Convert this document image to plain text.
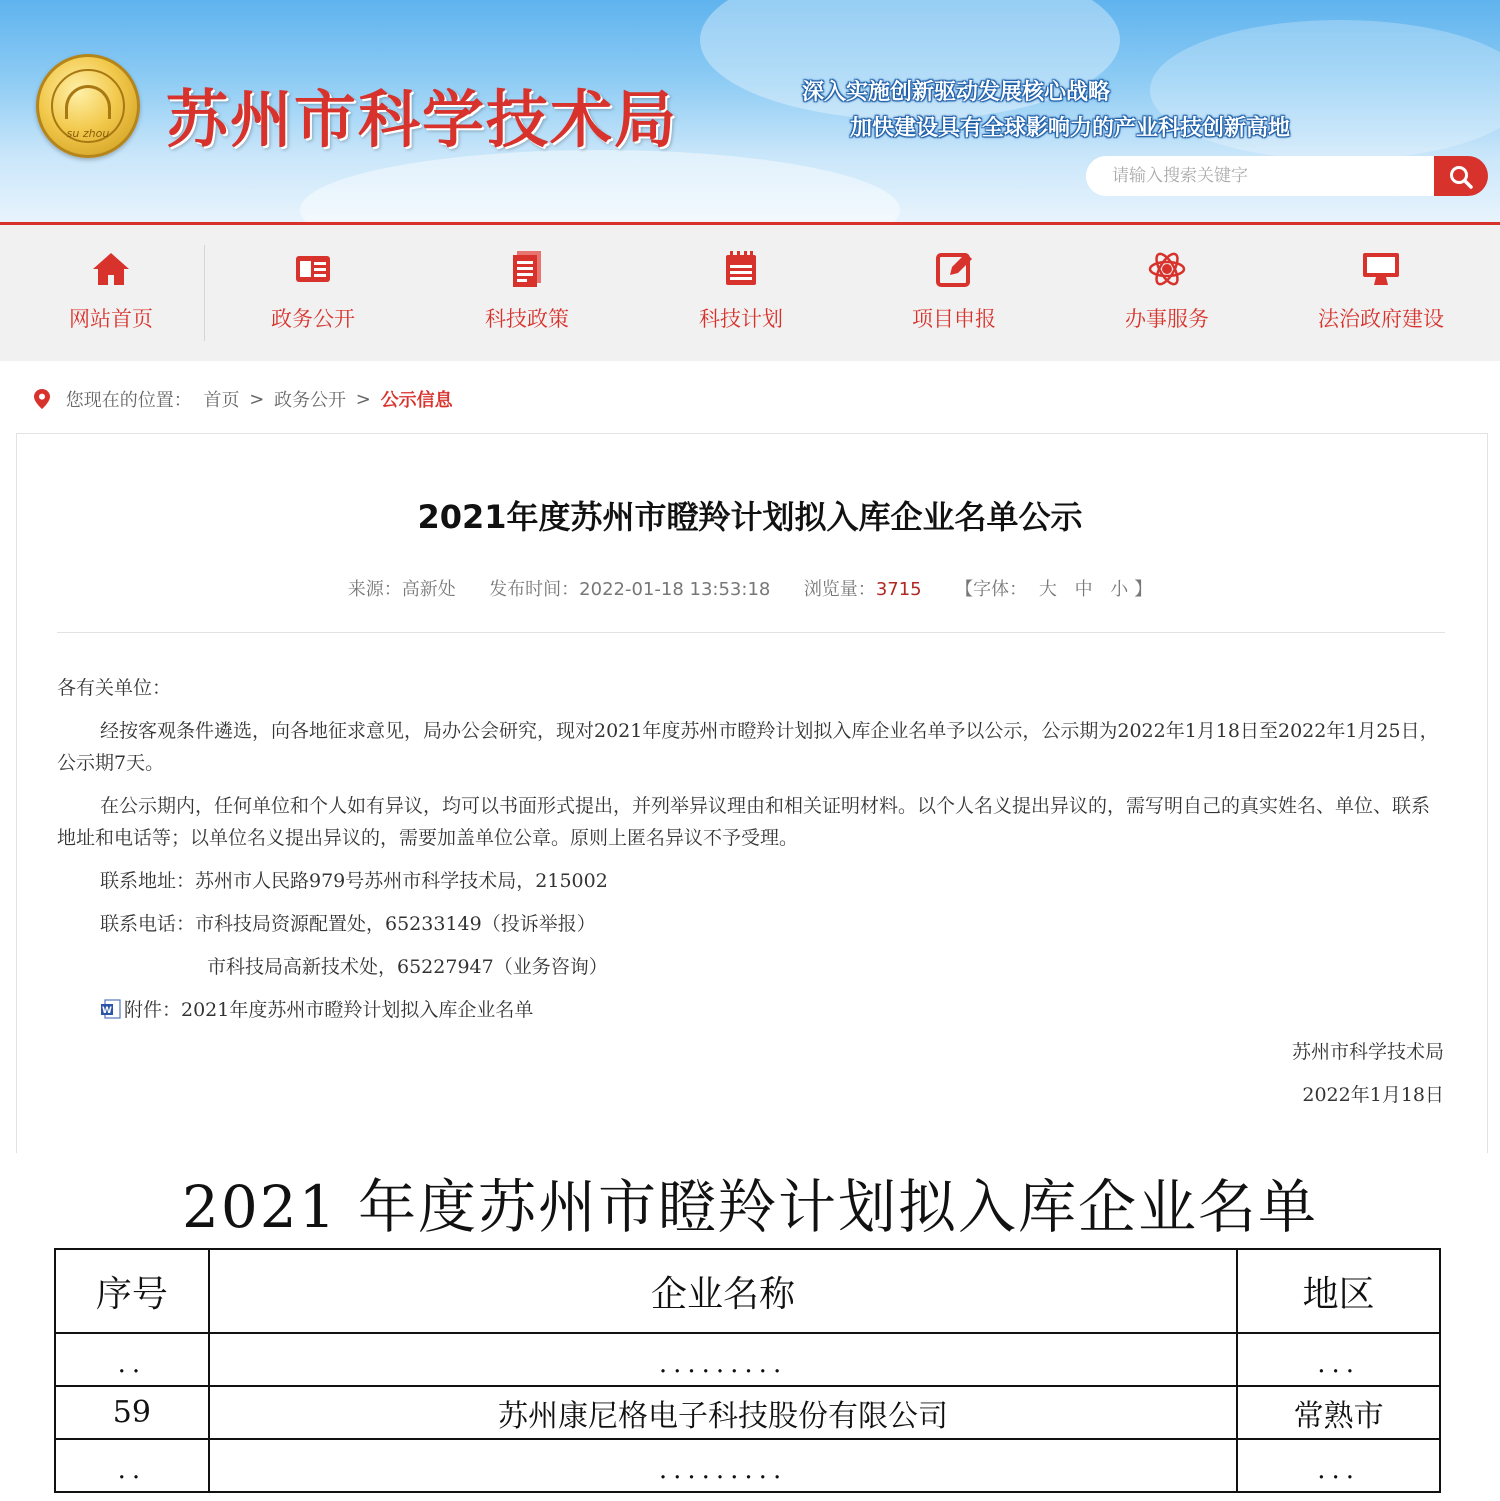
su zhou 苏州市科学技术局	深入实施创新驱动发展核心战略
加快建设具有全球影响力的产业科技创新高地
请输入搜索关键字
网站首页	政务公开	科技政策	科技计划	项目申报	办事服务	法治政府建设
您现在的位置： 首页 > 政务公开 > 公示信息
2021年度苏州市瞪羚计划拟入库企业名单公示
来源：高新处 发布时间：2022-01-18 13:53:18 浏览量：3715 【字体： 大 中 小 】
各有关单位：
经按客观条件遴选，向各地征求意见，局办公会研究，现对2021年度苏州市瞪羚计划拟入库企业名单予以公示，公示期为2022年1月18日至2022年1月25日，公示期7天。
在公示期内，任何单位和个人如有异议，均可以书面形式提出，并列举异议理由和相关证明材料。以个人名义提出异议的，需写明自己的真实姓名、单位、联系地址和电话等；以单位名义提出异议的，需要加盖单位公章。原则上匿名异议不予受理。
联系地址：苏州市人民路979号苏州市科学技术局，215002
联系电话：市科技局资源配置处，65233149（投诉举报）
市科技局高新技术处，65227947（业务咨询）
W 附件：2021年度苏州市瞪羚计划拟入库企业名单
苏州市科学技术局
2022年1月18日
2021 年度苏州市瞪羚计划拟入库企业名单
序号	企业名称	地区
..	.........	...
59	苏州康尼格电子科技股份有限公司	常熟市
..	.........	...
